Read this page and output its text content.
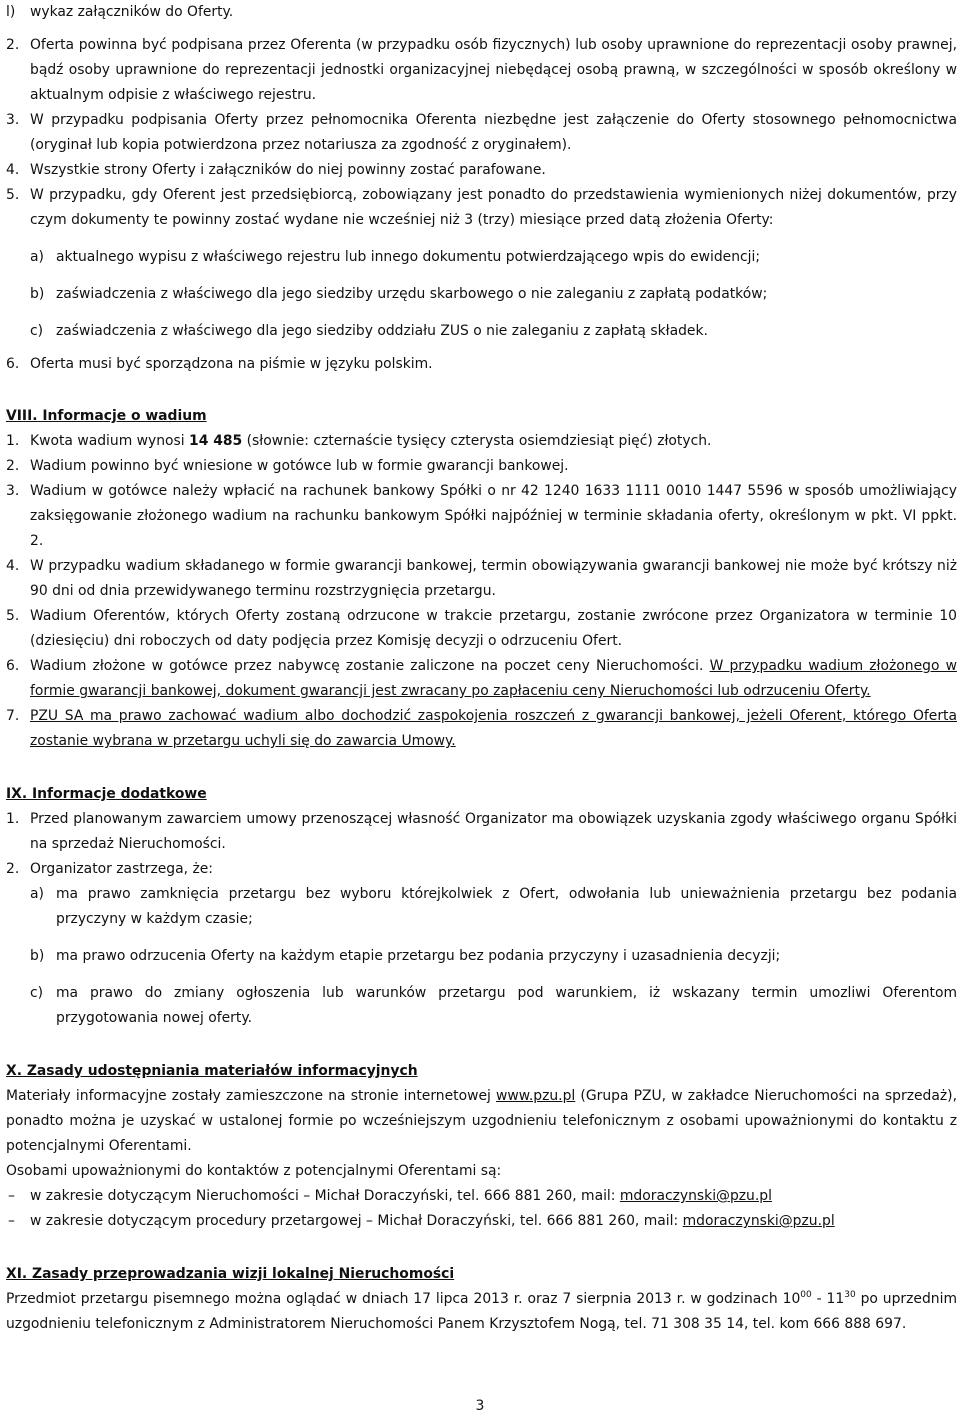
l) wykaz załączników do Oferty.
2. Oferta powinna być podpisana przez Oferenta (w przypadku osób fizycznych) lub osoby uprawnione do reprezentacji osoby prawnej, bądź osoby uprawnione do reprezentacji jednostki organizacyjnej niebędącej osobą prawną, w szczególności w sposób określony w aktualnym odpisie z właściwego rejestru.
3. W przypadku podpisania Oferty przez pełnomocnika Oferenta niezbędne jest załączenie do Oferty stosownego pełnomocnictwa (oryginał lub kopia potwierdzona przez notariusza za zgodność z oryginałem).
4. Wszystkie strony Oferty i załączników do niej powinny zostać parafowane.
5. W przypadku, gdy Oferent jest przedsiębiorcą, zobowiązany jest ponadto do przedstawienia wymienionych niżej dokumentów, przy czym dokumenty te powinny zostać wydane nie wcześniej niż 3 (trzy) miesiące przed datą złożenia Oferty:
a) aktualnego wypisu z właściwego rejestru lub innego dokumentu potwierdzającego wpis do ewidencji;
b) zaświadczenia z właściwego dla jego siedziby urzędu skarbowego o nie zaleganiu z zapłatą podatków;
c) zaświadczenia z właściwego dla jego siedziby oddziału ZUS o nie zaleganiu z zapłatą składek.
6. Oferta musi być sporządzona na piśmie w języku polskim.
VIII. Informacje o wadium
1. Kwota wadium wynosi 14 485 (słownie: czternaście tysięcy czterysta osiemdziesiąt pięć) złotych.
2. Wadium powinno być wniesione w gotówce lub w formie gwarancji bankowej.
3. Wadium w gotówce należy wpłacić na rachunek bankowy Spółki o nr 42 1240 1633 1111 0010 1447 5596 w sposób umożliwiający zaksięgowanie złożonego wadium na rachunku bankowym Spółki najpóźniej w terminie składania oferty, określonym w pkt. VI ppkt. 2.
4. W przypadku wadium składanego w formie gwarancji bankowej, termin obowiązywania gwarancji bankowej nie może być krótszy niż 90 dni od dnia przewidywanego terminu rozstrzygnięcia przetargu.
5. Wadium Oferentów, których Oferty zostaną odrzucone w trakcie przetargu, zostanie zwrócone przez Organizatora w terminie 10 (dziesięciu) dni roboczych od daty podjęcia przez Komisję decyzji o odrzuceniu Ofert.
6. Wadium złożone w gotówce przez nabywcę zostanie zaliczone na poczet ceny Nieruchomości. W przypadku wadium złożonego w formie gwarancji bankowej, dokument gwarancji jest zwracany po zapłaceniu ceny Nieruchomości lub odrzuceniu Oferty.
7. PZU SA ma prawo zachować wadium albo dochodzić zaspokojenia roszczeń z gwarancji bankowej, jeżeli Oferent, którego Oferta zostanie wybrana w przetargu uchyli się do zawarcia Umowy.
IX. Informacje dodatkowe
1. Przed planowanym zawarciem umowy przenoszącej własność Organizator ma obowiązek uzyskania zgody właściwego organu Spółki na sprzedaż Nieruchomości.
2. Organizator zastrzega, że:
a) ma prawo zamknięcia przetargu bez wyboru którejkolwiek z Ofert, odwołania lub unieważnienia przetargu bez podania przyczyny w każdym czasie;
b) ma prawo odrzucenia Oferty na każdym etapie przetargu bez podania przyczyny i uzasadnienia decyzji;
c) ma prawo do zmiany ogłoszenia lub warunków przetargu pod warunkiem, iż wskazany termin umozliwi Oferentom przygotowania nowej oferty.
X. Zasady udostępniania materiałów informacyjnych
Materiały informacyjne zostały zamieszczone na stronie internetowej www.pzu.pl (Grupa PZU, w zakładce Nieruchomości na sprzedaż), ponadto można je uzyskać w ustalonej formie po wcześniejszym uzgodnieniu telefonicznym z osobami upoważnionymi do kontaktu z potencjalnymi Oferentami.
Osobami upoważnionymi do kontaktów z potencjalnymi Oferentami są:
– w zakresie dotyczącym Nieruchomości – Michał Doraczyński, tel. 666 881 260, mail: mdoraczynski@pzu.pl
– w zakresie dotyczącym procedury przetargowej – Michał Doraczyński, tel. 666 881 260, mail: mdoraczynski@pzu.pl
XI. Zasady przeprowadzania wizji lokalnej Nieruchomości
Przedmiot przetargu pisemnego można oglądać w dniach 17 lipca 2013 r. oraz 7 sierpnia 2013 r. w godzinach $10^{00} - 11^{30}$ po uprzednim uzgodnieniu telefonicznym z Administratorem Nieruchomości Panem Krzysztofem Nogą, tel. 71 308 35 14, tel. kom 666 888 697.
3
